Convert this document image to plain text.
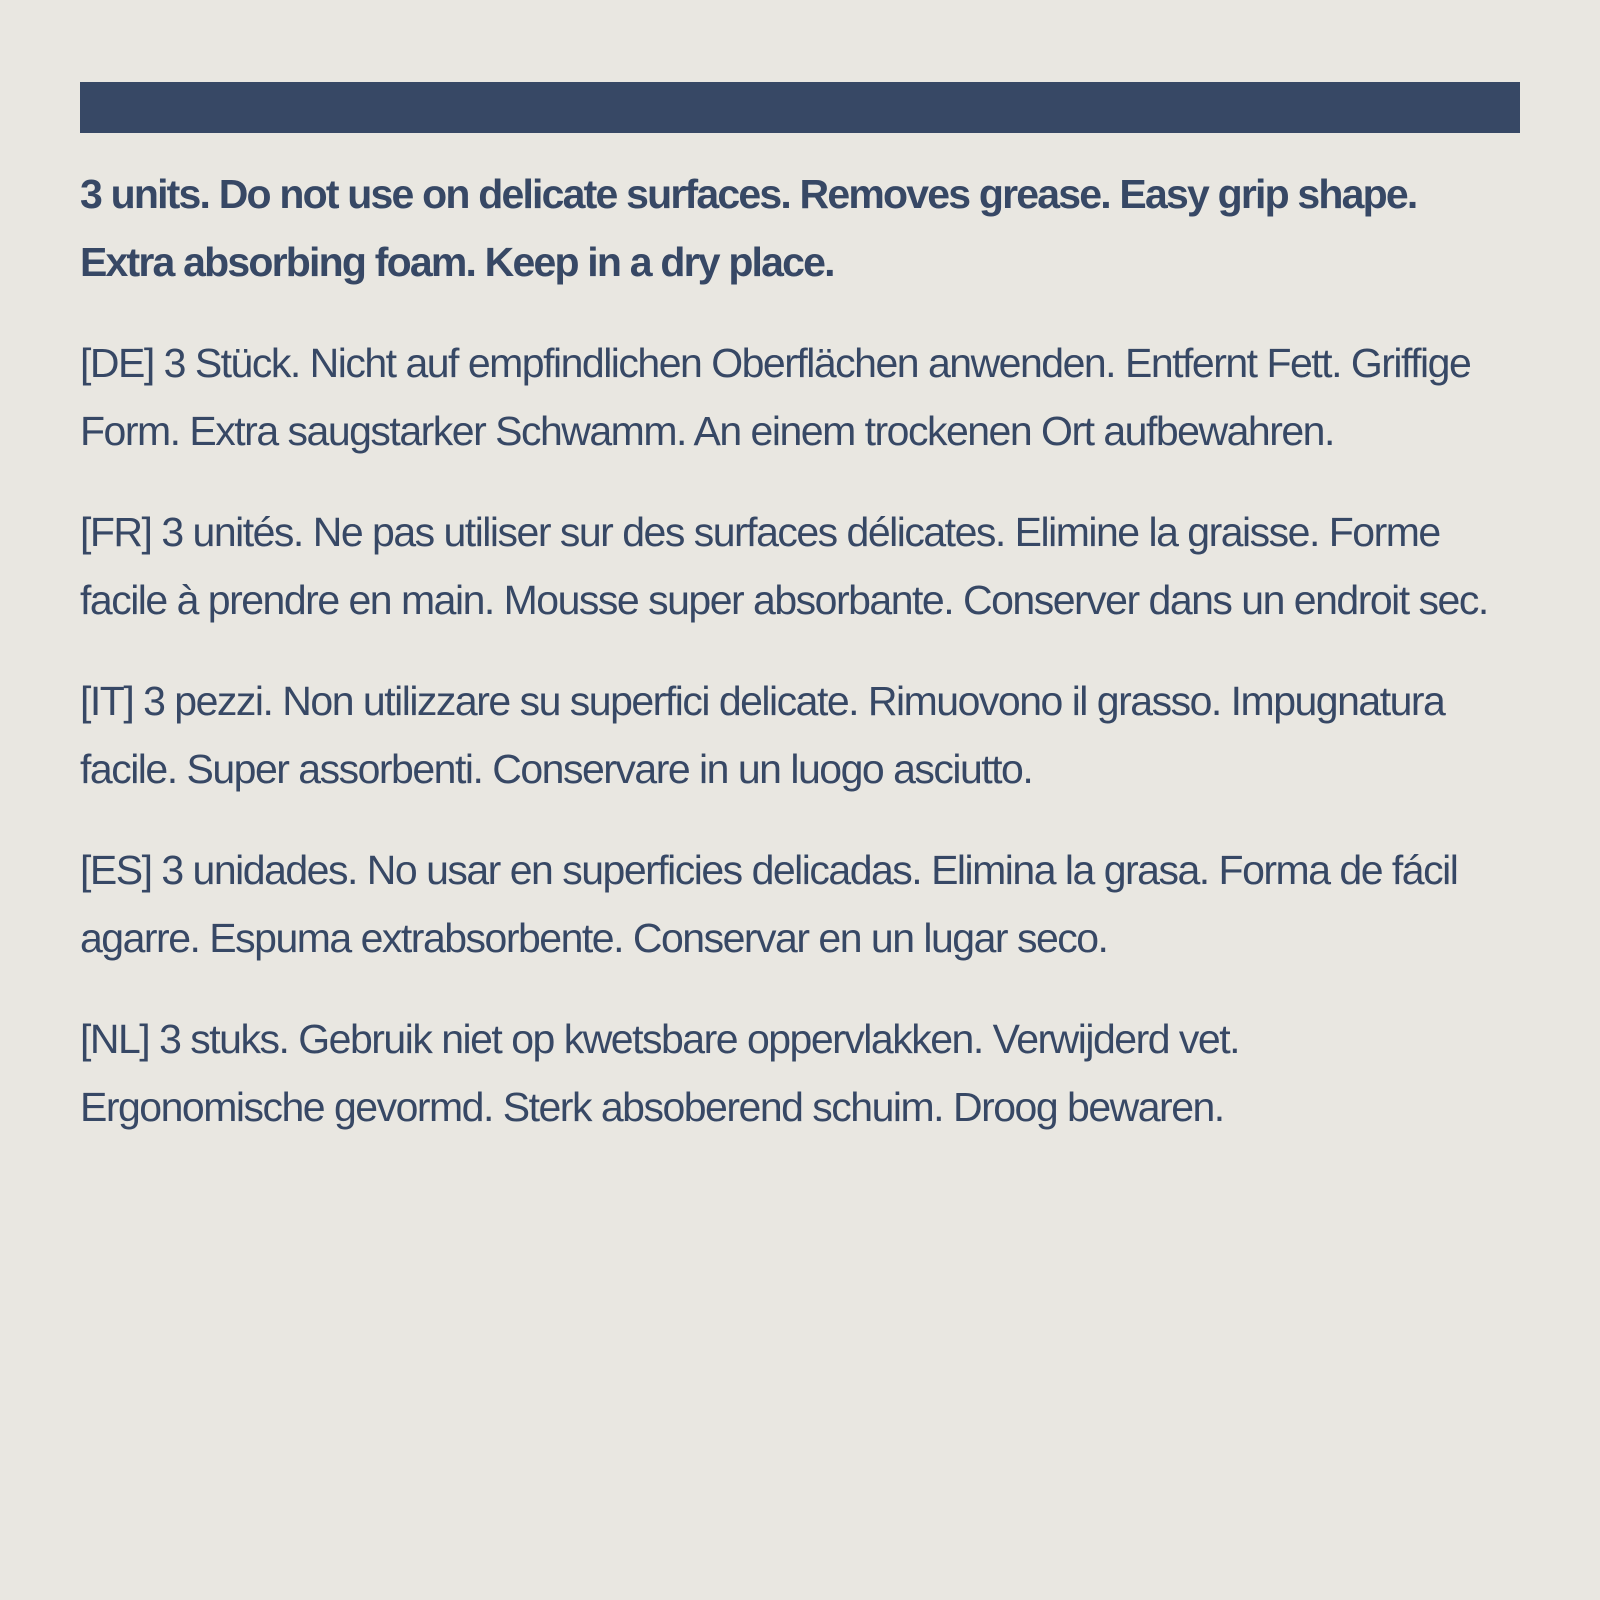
3 units. Do not use on delicate surfaces. Removes grease. Easy grip shape.
Extra absorbing foam. Keep in a dry place.

[DE] 3 Stück. Nicht auf empfindlichen Oberflächen anwenden. Entfernt Fett. Griffige
Form. Extra saugstarker Schwamm. An einem trockenen Ort aufbewahren.

[FR] 3 unités. Ne pas utiliser sur des surfaces délicates. Elimine la graisse. Forme
facile à prendre en main. Mousse super absorbante. Conserver dans un endroit sec.

[IT] 3 pezzi. Non utilizzare su superfici delicate. Rimuovono il grasso. Impugnatura
facile. Super assorbenti. Conservare in un luogo asciutto.

[ES] 3 unidades. No usar en superficies delicadas. Elimina la grasa. Forma de fácil
agarre. Espuma extrabsorbente. Conservar en un lugar seco.

[NL] 3 stuks. Gebruik niet op kwetsbare oppervlakken. Verwijderd vet.
Ergonomische gevormd. Sterk absoberend schuim. Droog bewaren.
